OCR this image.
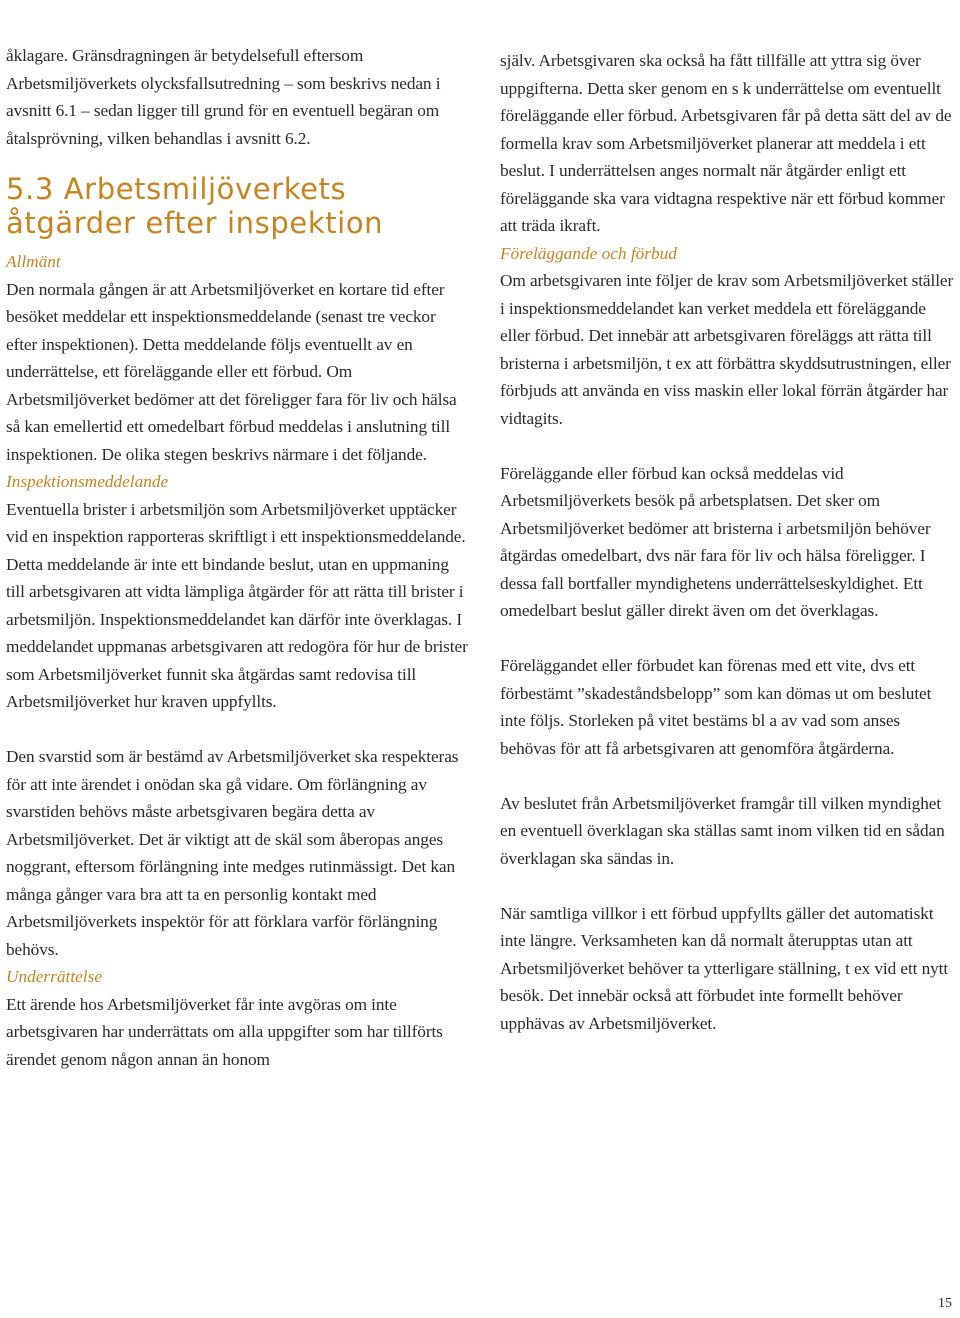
åklagare. Gränsdragningen är betydelsefull eftersom Arbetsmiljöverkets olycksfallsutredning – som beskrivs nedan i avsnitt 6.1 – sedan ligger till grund för en eventuell begäran om åtalsprövning, vilken behandlas i avsnitt 6.2.

5.3 Arbetsmiljöverkets åtgärder efter inspektion
Allmänt

Den normala gången är att Arbetsmiljöverket en kortare tid efter besöket meddelar ett inspektionsmeddelande (senast tre veckor efter inspektionen). Detta meddelande följs eventuellt av en underrättelse, ett föreläggande eller ett förbud. Om Arbetsmiljöverket bedömer att det föreligger fara för liv och hälsa så kan emellertid ett omedelbart förbud meddelas i anslutning till inspektionen. De olika stegen beskrivs närmare i det följande.

Inspektionsmeddelande

Eventuella brister i arbetsmiljön som Arbetsmiljöverket upptäcker vid en inspektion rapporteras skriftligt i ett inspektionsmeddelande. Detta meddelande är inte ett bindande beslut, utan en uppmaning till arbetsgivaren att vidta lämpliga åtgärder för att rätta till brister i arbetsmiljön. Inspektionsmeddelandet kan därför inte överklagas. I meddelandet uppmanas arbetsgivaren att redogöra för hur de brister som Arbetsmiljöverket funnit ska åtgärdas samt redovisa till Arbetsmiljöverket hur kraven uppfyllts.

Den svarstid som är bestämd av Arbetsmiljöverket ska respekteras för att inte ärendet i onödan ska gå vidare. Om förlängning av svarstiden behövs måste arbetsgivaren begära detta av Arbetsmiljöverket. Det är viktigt att de skäl som åberopas anges noggrant, eftersom förlängning inte medges rutinmässigt. Det kan många gånger vara bra att ta en personlig kontakt med Arbetsmiljöverkets inspektör för att förklara varför förlängning behövs.

Underrättelse

Ett ärende hos Arbetsmiljöverket får inte avgöras om inte arbetsgivaren har underrättats om alla uppgifter som har tillförts ärendet genom någon annan än honom

själv. Arbetsgivaren ska också ha fått tillfälle att yttra sig över uppgifterna. Detta sker genom en s k underrättelse om eventuellt föreläggande eller förbud. Arbetsgivaren får på detta sätt del av de formella krav som Arbetsmiljöverket planerar att meddela i ett beslut. I underrättelsen anges normalt när åtgärder enligt ett föreläggande ska vara vidtagna respektive när ett förbud kommer att träda ikraft.

Föreläggande och förbud

Om arbetsgivaren inte följer de krav som Arbetsmiljöverket ställer i inspektionsmeddelandet kan verket meddela ett föreläggande eller förbud. Det innebär att arbetsgivaren föreläggs att rätta till bristerna i arbetsmiljön, t ex att förbättra skyddsutrustningen, eller förbjuds att använda en viss maskin eller lokal förrän åtgärder har vidtagits.

Föreläggande eller förbud kan också meddelas vid Arbetsmiljöverkets besök på arbetsplatsen. Det sker om Arbetsmiljöverket bedömer att bristerna i arbetsmiljön behöver åtgärdas omedelbart, dvs när fara för liv och hälsa föreligger. I dessa fall bortfaller myndighetens underrättelseskyldighet. Ett omedelbart beslut gäller direkt även om det överklagas.

Föreläggandet eller förbudet kan förenas med ett vite, dvs ett förbestämt ”skadeståndsbelopp” som kan dömas ut om beslutet inte följs. Storleken på vitet bestäms bl a av vad som anses behövas för att få arbetsgivaren att genomföra åtgärderna.

Av beslutet från Arbetsmiljöverket framgår till vilken myndighet en eventuell överklagan ska ställas samt inom vilken tid en sådan överklagan ska sändas in.

När samtliga villkor i ett förbud uppfyllts gäller det automatiskt inte längre. Verksamheten kan då normalt återupptas utan att Arbetsmiljöverket behöver ta ytterligare ställning, t ex vid ett nytt besök. Det innebär också att förbudet inte formellt behöver upphävas av Arbetsmiljöverket.

15
